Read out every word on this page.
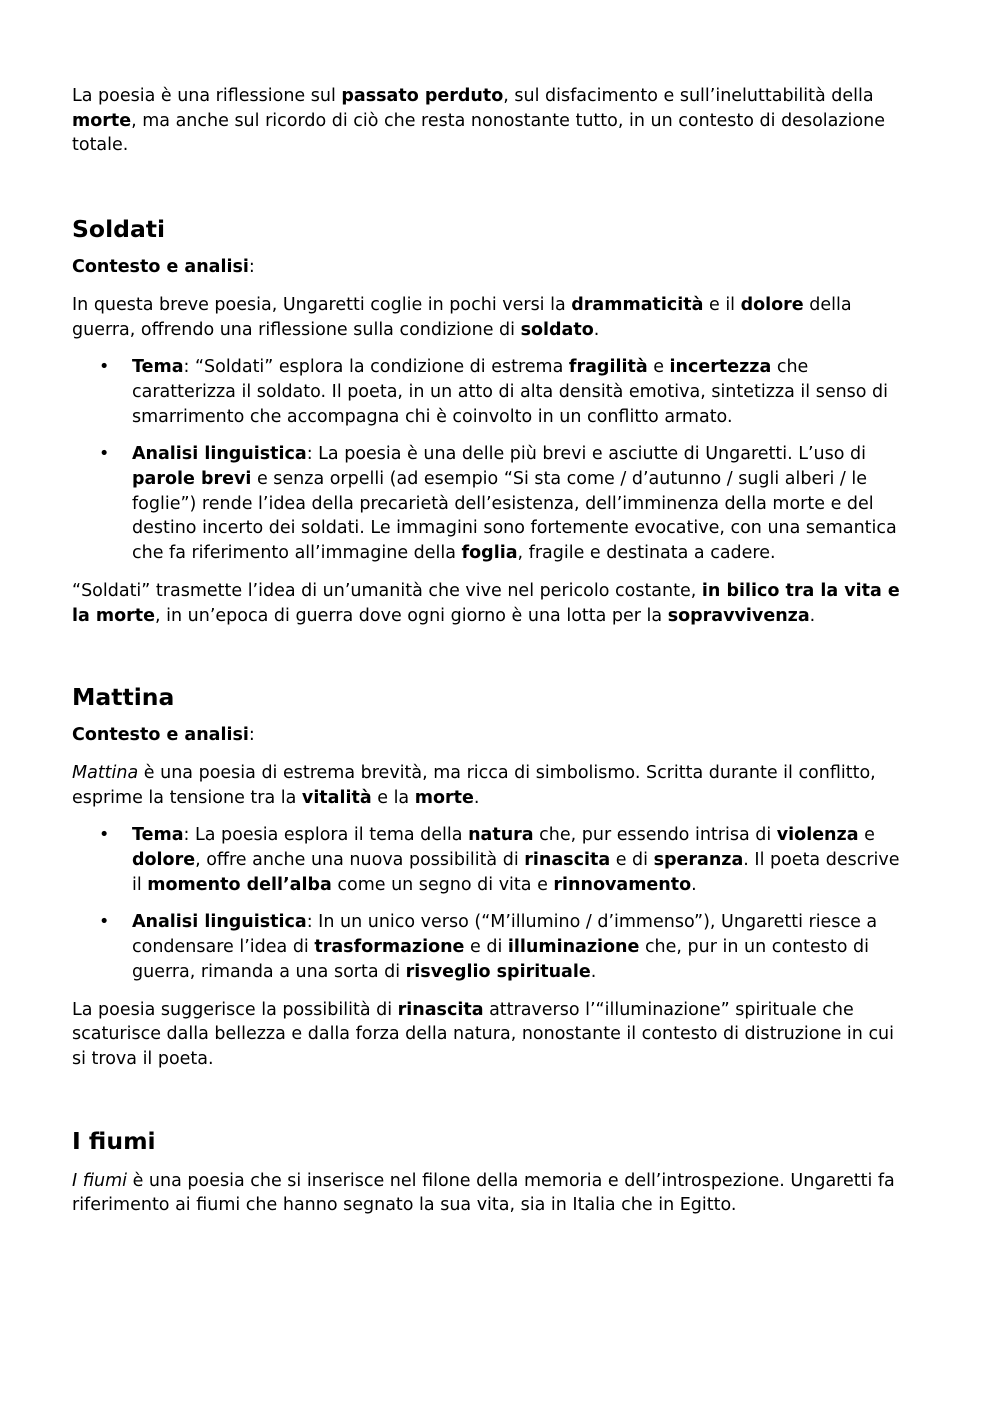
La poesia è una riflessione sul passato perduto, sul disfacimento e sull’ineluttabilità della morte, ma anche sul ricordo di ciò che resta nonostante tutto, in un contesto di desolazione totale.

Soldati

Contesto e analisi:

In questa breve poesia, Ungaretti coglie in pochi versi la drammaticità e il dolore della guerra, offrendo una riflessione sulla condizione di soldato.

• Tema: “Soldati” esplora la condizione di estrema fragilità e incertezza che caratterizza il soldato. Il poeta, in un atto di alta densità emotiva, sintetizza il senso di smarrimento che accompagna chi è coinvolto in un conflitto armato.
• Analisi linguistica: La poesia è una delle più brevi e asciutte di Ungaretti. L’uso di parole brevi e senza orpelli (ad esempio “Si sta come / d’autunno / sugli alberi / le foglie”) rende l’idea della precarietà dell’esistenza, dell’imminenza della morte e del destino incerto dei soldati. Le immagini sono fortemente evocative, con una semantica che fa riferimento all’immagine della foglia, fragile e destinata a cadere.

“Soldati” trasmette l’idea di un’umanità che vive nel pericolo costante, in bilico tra la vita e la morte, in un’epoca di guerra dove ogni giorno è una lotta per la sopravvivenza.

Mattina

Contesto e analisi:

Mattina è una poesia di estrema brevità, ma ricca di simbolismo. Scritta durante il conflitto, esprime la tensione tra la vitalità e la morte.

• Tema: La poesia esplora il tema della natura che, pur essendo intrisa di violenza e dolore, offre anche una nuova possibilità di rinascita e di speranza. Il poeta descrive il momento dell’alba come un segno di vita e rinnovamento.
• Analisi linguistica: In un unico verso (“M’illumino / d’immenso”), Ungaretti riesce a condensare l’idea di trasformazione e di illuminazione che, pur in un contesto di guerra, rimanda a una sorta di risveglio spirituale.

La poesia suggerisce la possibilità di rinascita attraverso l’“illuminazione” spirituale che scaturisce dalla bellezza e dalla forza della natura, nonostante il contesto di distruzione in cui si trova il poeta.

I fiumi

I fiumi è una poesia che si inserisce nel filone della memoria e dell’introspezione. Ungaretti fa riferimento ai fiumi che hanno segnato la sua vita, sia in Italia che in Egitto.
